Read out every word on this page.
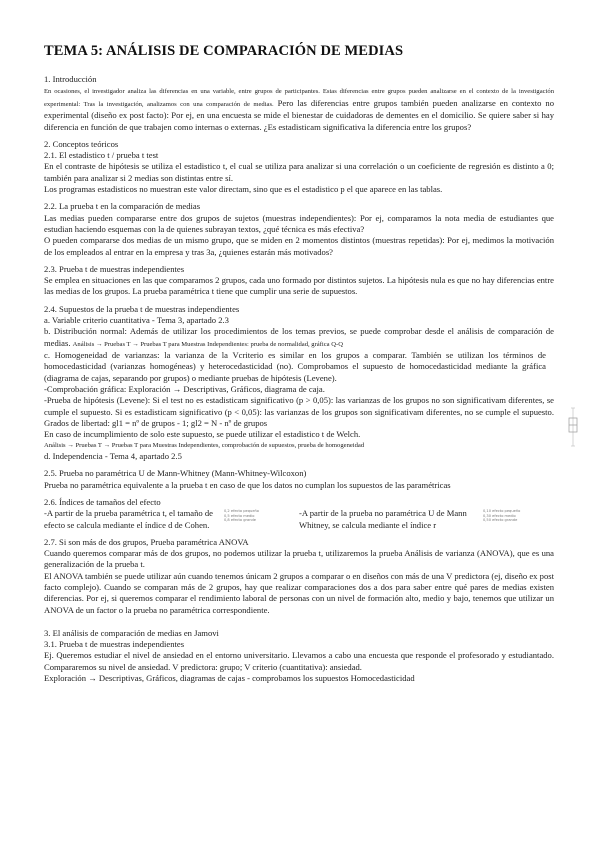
TEMA 5: ANÁLISIS DE COMPARACIÓN DE MEDIAS

1. Introducción

En ocasiones, el investigador analiza las diferencias en una variable, entre grupos de participantes. Estas diferencias entre grupos pueden analizarse en el contexto de la investigación experimental: Tras la investigación, analizamos con una comparación de medias. Pero las diferencias entre grupos también pueden analizarse en contexto no experimental (diseño ex post facto): Por ej, en una encuesta se mide el bienestar de cuidadoras de dementes en el domicilio. Se quiere saber si hay diferencia en función de que trabajen como internas o externas. ¿Es estadisticam significativa la diferencia entre los grupos?

2. Conceptos teóricos

2.1. El estadistico t / prueba t test

En el contraste de hipótesis se utiliza el estadistico t, el cual se utiliza para analizar si una correlación o un coeficiente de regresión es distinto a 0; también para analizar si 2 medias son distintas entre sí.

Los programas estadisticos no muestran este valor directam, sino que es el estadistico p el que aparece en las tablas.

2.2. La prueba t en la comparación de medias

Las medias pueden compararse entre dos grupos de sujetos (muestras independientes): Por ej, comparamos la nota media de estudiantes que estudian haciendo esquemas con la de quienes subrayan textos, ¿qué técnica es más efectiva?

O pueden compararse dos medias de un mismo grupo, que se miden en 2 momentos distintos (muestras repetidas): Por ej, medimos la motivación de los empleados al entrar en la empresa y tras 3a, ¿quienes estarán más motivados?

2.3. Prueba t de muestras independientes

Se emplea en situaciones en las que comparamos 2 grupos, cada uno formado por distintos sujetos. La hipótesis nula es que no hay diferencias entre las medias de los grupos. La prueba paramétrica t tiene que cumplir una serie de supuestos.

2.4. Supuestos de la prueba t de muestras independientes

a. Variable criterio cuantitativa - Tema 3, apartado 2.3

b. Distribución normal: Además de utilizar los procedimientos de los temas previos, se puede comprobar desde el análisis de comparación de medias. Análisis → Pruebas T → Pruebas T para Muestras Independientes: prueba de normalidad, gráfica Q-Q

c. Homogeneidad de varianzas: la varianza de la Vcriterio es similar en los grupos a comparar. También se utilizan los términos de homocedasticidad (varianzas homogéneas) y heterocedasticidad (no). Comprobamos el supuesto de homocedasticidad mediante la gráfica (diagrama de cajas, separando por grupos) o mediante pruebas de hipótesis (Levene).

-Comprobación gráfica: Exploración → Descriptivas, Gráficos, diagrama de caja.

-Prueba de hipótesis (Levene): Si el test no es estadisticam significativo (p > 0,05): las varianzas de los grupos no son significativam diferentes, se cumple el supuesto. Si es estadisticam significativo (p < 0,05): las varianzas de los grupos son significativam diferentes, no se cumple el supuesto. Grados de libertad: gl1 = nº de grupos - 1; gl2 = N - nº de grupos

En caso de incumplimiento de solo este supuesto, se puede utilizar el estadistico t de Welch.

Análisis → Pruebas T → Pruebas T para Muestras Independientes, comprobación de supuestos, prueba de homogeneidad

d. Independencia - Tema 4, apartado 2.5

2.5. Prueba no paramétrica U de Mann-Whitney (Mann-Whitney-Wilcoxon)

Prueba no paramétrica equivalente a la prueba t en caso de que los datos no cumplan los supuestos de las paramétricas

2.6. Índices de tamaños del efecto

-A partir de la prueba paramétrica t, el tamaño de efecto se calcula mediante el índice d de Cohen.

0,2 efecto pequeño
0,5 efecto medio
0,8 efecto grande

-A partir de la prueba no paramétrica U de Mann Whitney, se calcula mediante el índice r

0,10 efecto pequeño
0,30 efecto medio
0,50 efecto grande

2.7. Si son más de dos grupos, Prueba paramétrica ANOVA

Cuando queremos comparar más de dos grupos, no podemos utilizar la prueba t, utilizaremos la prueba Análisis de varianza (ANOVA), que es una generalización de la prueba t.

El ANOVA también se puede utilizar aún cuando tenemos únicam 2 grupos a comparar o en diseños con más de una V predictora (ej, diseño ex post facto complejo). Cuando se comparan más de 2 grupos, hay que realizar comparaciones dos a dos para saber entre qué pares de medias existen diferencias. Por ej, si queremos comparar el rendimiento laboral de personas con un nivel de formación alto, medio y bajo, tenemos que utilizar un ANOVA de un factor o la prueba no paramétrica correspondiente.

3. El análisis de comparación de medias en Jamovi

3.1. Prueba t de muestras independientes

Ej. Queremos estudiar el nivel de ansiedad en el entorno universitario. Llevamos a cabo una encuesta que responde el profesorado y estudiantado. Compararemos su nivel de ansiedad. V predictora: grupo; V criterio (cuantitativa): ansiedad.

Exploración → Descriptivas, Gráficos, diagramas de cajas - comprobamos los supuestos Homocedasticidad
